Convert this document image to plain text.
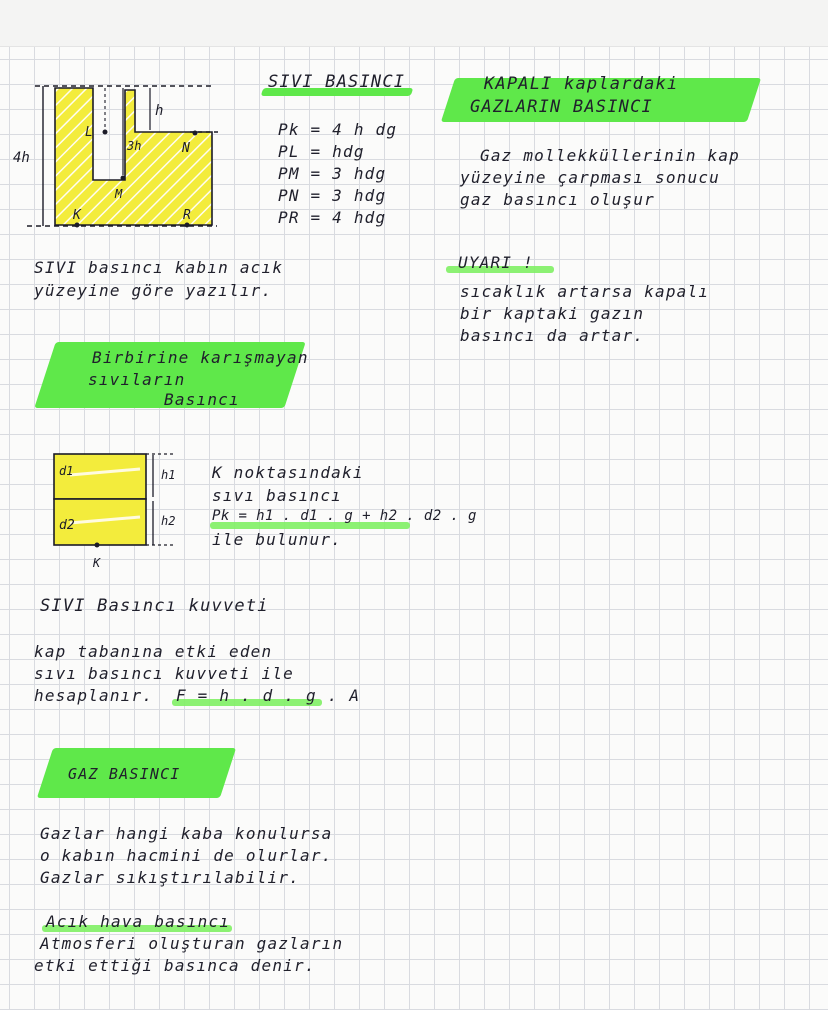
4h
3h
h
L
M
N
K	R
SIVI BASINCI
Pk = 4 h dg
PL = hdg
PM = 3 hdg
PN = 3 hdg
PR = 4 hdg
SIVI basıncı kabın acık
yüzeyine göre yazılır.
Birbirine karışmayan
sıvıların
Basıncı
d1
d2
h1
h2
K
K noktasındaki
sıvı basıncı
Pk = h1 . d1 . g + h2 . d2 . g
ile bulunur.
SIVI Basıncı kuvveti
kap tabanına etki eden
sıvı basıncı kuvveti ile
hesaplanır. F = h . d . g . A
GAZ BASINCI
Gazlar hangi kaba konulursa
o kabın hacmini de olurlar.
Gazlar sıkıştırılabilir.
Acık hava basıncı
Atmosferi oluşturan gazların
etki ettiği basınca denir.
KAPALI kaplardaki
GAZLARIN BASINCI
Gaz mollekküllerinin kap
yüzeyine çarpması sonucu
gaz basıncı oluşur
UYARI !
sıcaklık artarsa kapalı
bir kaptaki gazın
basıncı da artar.
